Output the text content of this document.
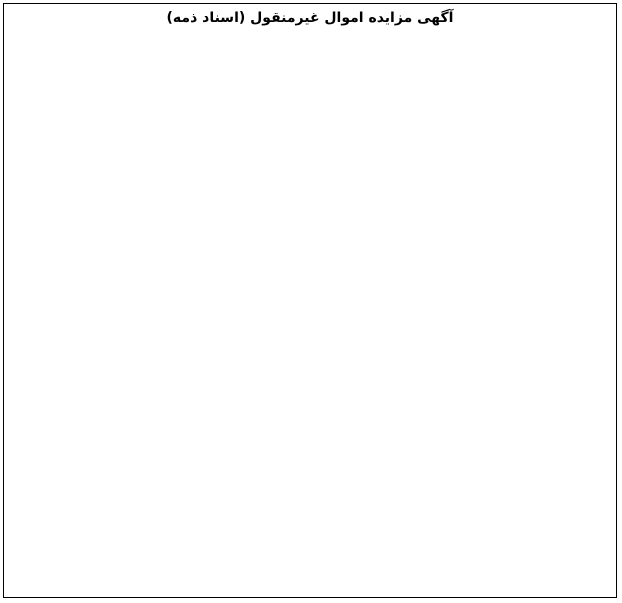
آگهی مزایده اموال غیرمنقول (اسناد ذمه)
